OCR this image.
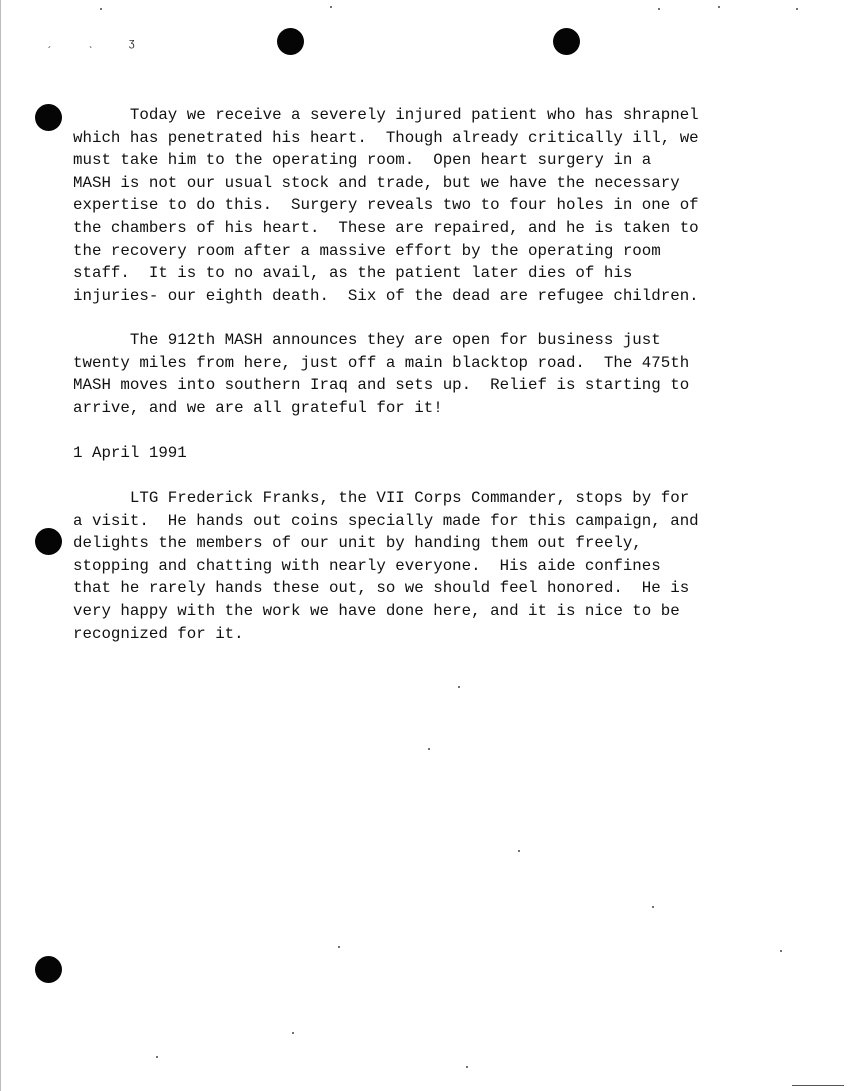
ˏ ˎ ʒ

Today we receive a severely injured patient who has shrapnel
which has penetrated his heart.  Though already critically ill, we
must take him to the operating room.  Open heart surgery in a
MASH is not our usual stock and trade, but we have the necessary
expertise to do this.  Surgery reveals two to four holes in one of
the chambers of his heart.  These are repaired, and he is taken to
the recovery room after a massive effort by the operating room
staff.  It is to no avail, as the patient later dies of his
injuries- our eighth death.  Six of the dead are refugee children.

The 912th MASH announces they are open for business just
twenty miles from here, just off a main blacktop road.  The 475th
MASH moves into southern Iraq and sets up.  Relief is starting to
arrive, and we are all grateful for it!

1 April 1991

LTG Frederick Franks, the VII Corps Commander, stops by for
a visit.  He hands out coins specially made for this campaign, and
delights the members of our unit by handing them out freely,
stopping and chatting with nearly everyone.  His aide confines
that he rarely hands these out, so we should feel honored.  He is
very happy with the work we have done here, and it is nice to be
recognized for it.
